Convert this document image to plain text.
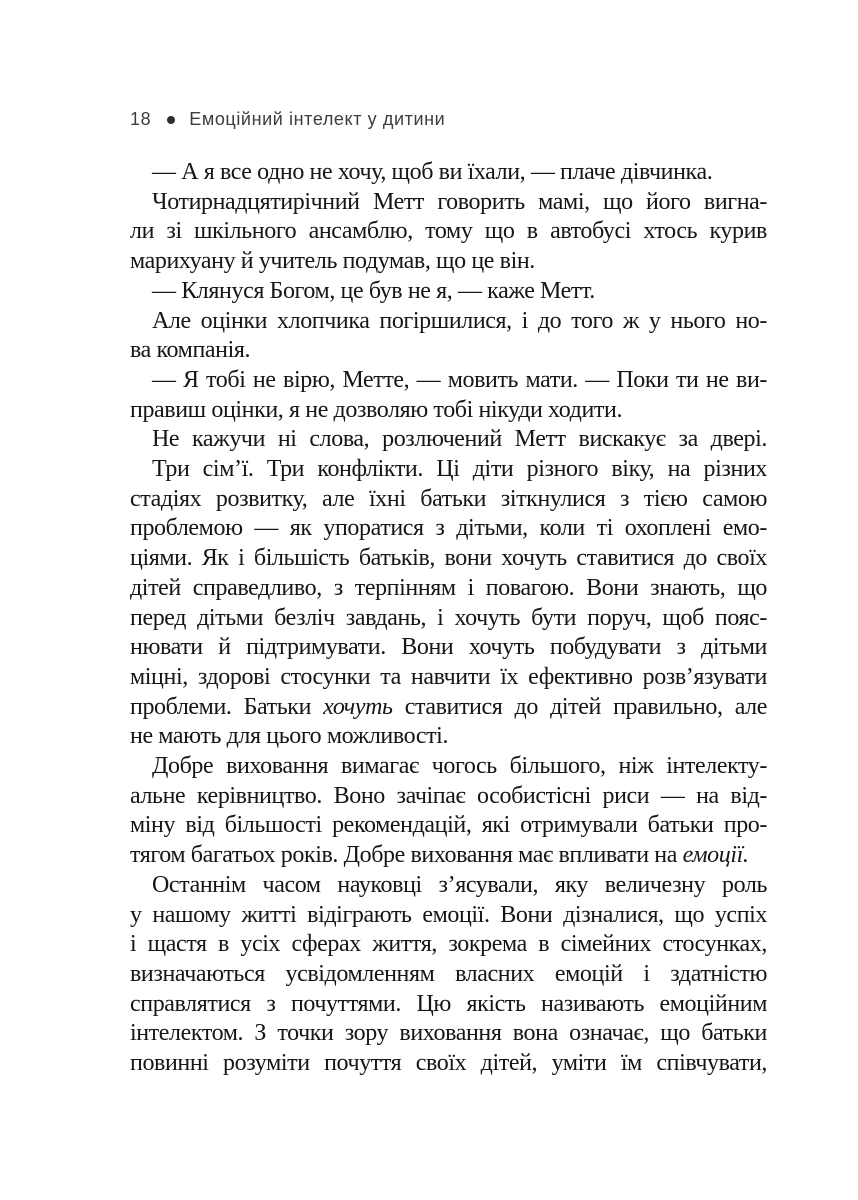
18 Емоційний інтелект у дитини
— А я все одно не хочу, щоб ви їхали, — плаче дівчинка.
Чотирнадцятирічний Метт говорить мамі, що його вигна-
ли зі шкільного ансамблю, тому що в автобусі хтось курив
марихуану й учитель подумав, що це він.
— Клянуся Богом, це був не я, — каже Метт.
Але оцінки хлопчика погіршилися, і до того ж у нього но-
ва компанія.
— Я тобі не вірю, Метте, — мовить мати. — Поки ти не ви-
правиш оцінки, я не дозволяю тобі нікуди ходити.
Не кажучи ні слова, розлючений Метт вискакує за двері.
Три сім’ї. Три конфлікти. Ці діти різного віку, на різних
стадіях розвитку, але їхні батьки зіткнулися з тією самою
проблемою — як упоратися з дітьми, коли ті охоплені емо-
ціями. Як і більшість батьків, вони хочуть ставитися до своїх
дітей справедливо, з терпінням і повагою. Вони знають, що
перед дітьми безліч завдань, і хочуть бути поруч, щоб пояс-
нювати й підтримувати. Вони хочуть побудувати з дітьми
міцні, здорові стосунки та навчити їх ефективно розв’язувати
проблеми. Батьки хочуть ставитися до дітей правильно, але
не мають для цього можливості.
Добре виховання вимагає чогось більшого, ніж інтелекту-
альне керівництво. Воно зачіпає особистісні риси — на від-
міну від більшості рекомендацій, які отримували батьки про-
тягом багатьох років. Добре виховання має впливати на емоції.
Останнім часом науковці з’ясували, яку величезну роль
у нашому житті відіграють емоції. Вони дізналися, що успіх
і щастя в усіх сферах життя, зокрема в сімейних стосунках,
визначаються усвідомленням власних емоцій і здатністю
справлятися з почуттями. Цю якість називають емоційним
інтелектом. З точки зору виховання вона означає, що батьки
повинні розуміти почуття своїх дітей, уміти їм співчувати,
